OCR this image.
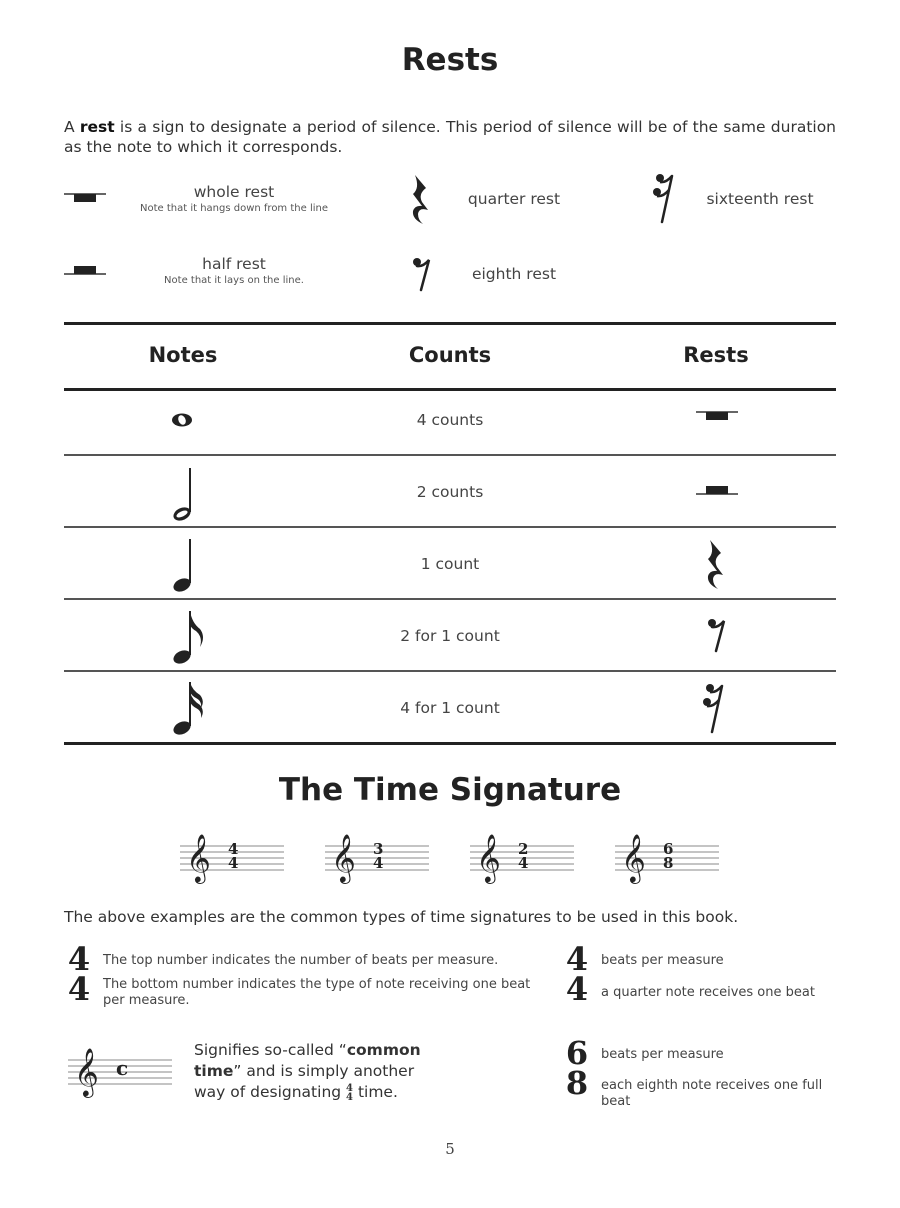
Rests
A rest is a sign to designate a period of silence. This period of silence will be of the same duration as the note to which it corresponds.
whole rest
Note that it hangs down from the line
half rest
Note that it lays on the line.
quarter rest
eighth rest
sixteenth rest
Notes	Counts	Rests
4 counts
2 counts
1 count
2 for 1 count
4 for 1 count
The Time Signature
𝄞 4
4 𝄞 3
4 𝄞 2
4 𝄞 6
8
The above examples are the common types of time signatures to be used in this book.
4
4
The top number indicates the number of beats per measure.
The bottom number indicates the type of note receiving one beat per measure.
4
4
beats per measure
a quarter note receives one beat
𝄞 c
Signifies so-called “common time” and is simply another way of designating 4
4 time.
6
8
beats per measure
each eighth note receives one full beat
5
